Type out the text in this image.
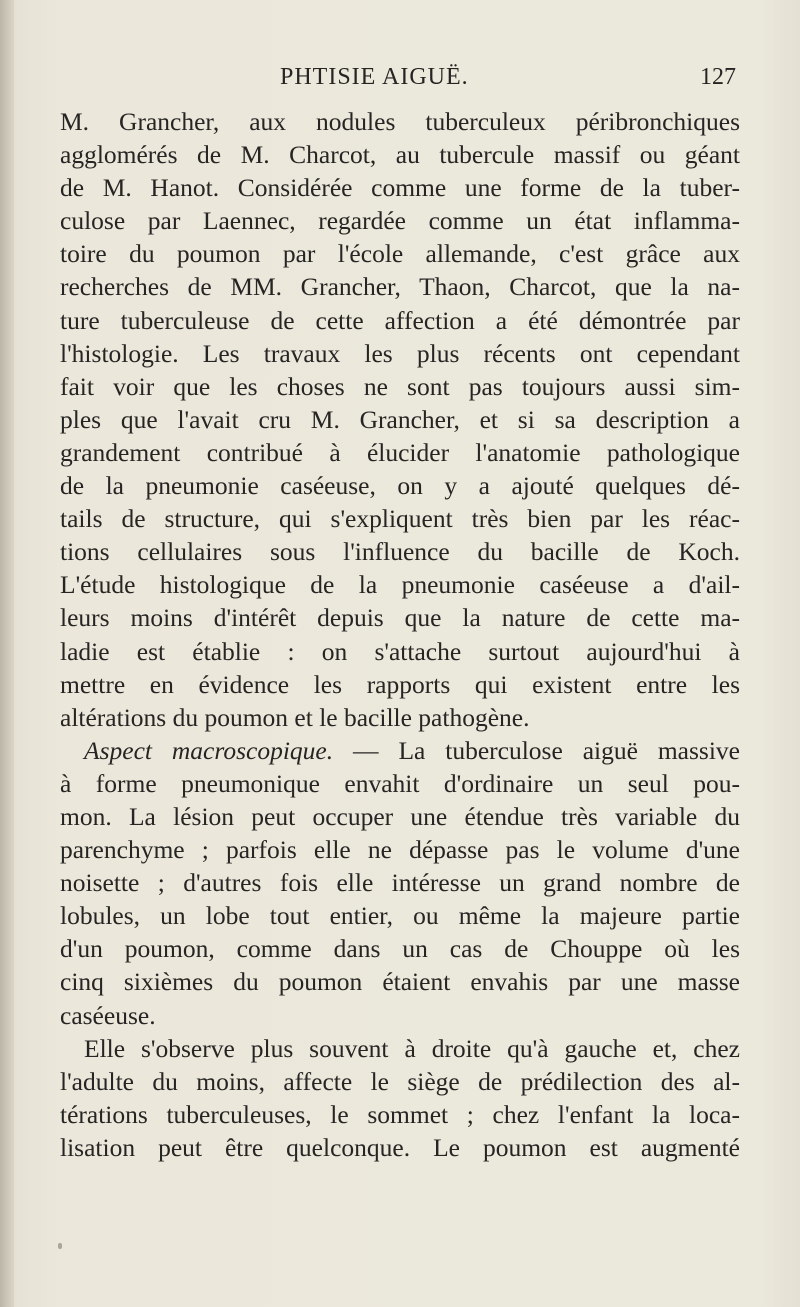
PHTISIE AIGUË.	127
M. Grancher, aux nodules tuberculeux péribronchiques
agglomérés de M. Charcot, au tubercule massif ou géant
de M. Hanot. Considérée comme une forme de la tuber-
culose par Laennec, regardée comme un état inflamma-
toire du poumon par l'école allemande, c'est grâce aux
recherches de MM. Grancher, Thaon, Charcot, que la na-
ture tuberculeuse de cette affection a été démontrée par
l'histologie. Les travaux les plus récents ont cependant
fait voir que les choses ne sont pas toujours aussi sim-
ples que l'avait cru M. Grancher, et si sa description a
grandement contribué à élucider l'anatomie pathologique
de la pneumonie caséeuse, on y a ajouté quelques dé-
tails de structure, qui s'expliquent très bien par les réac-
tions cellulaires sous l'influence du bacille de Koch.
L'étude histologique de la pneumonie caséeuse a d'ail-
leurs moins d'intérêt depuis que la nature de cette ma-
ladie est établie : on s'attache surtout aujourd'hui à
mettre en évidence les rapports qui existent entre les
altérations du poumon et le bacille pathogène.
Aspect macroscopique. — La tuberculose aiguë massive
à forme pneumonique envahit d'ordinaire un seul pou-
mon. La lésion peut occuper une étendue très variable du
parenchyme ; parfois elle ne dépasse pas le volume d'une
noisette ; d'autres fois elle intéresse un grand nombre de
lobules, un lobe tout entier, ou même la majeure partie
d'un poumon, comme dans un cas de Chouppe où les
cinq sixièmes du poumon étaient envahis par une masse
caséeuse.
Elle s'observe plus souvent à droite qu'à gauche et, chez
l'adulte du moins, affecte le siège de prédilection des al-
térations tuberculeuses, le sommet ; chez l'enfant la loca-
lisation peut être quelconque. Le poumon est augmenté
